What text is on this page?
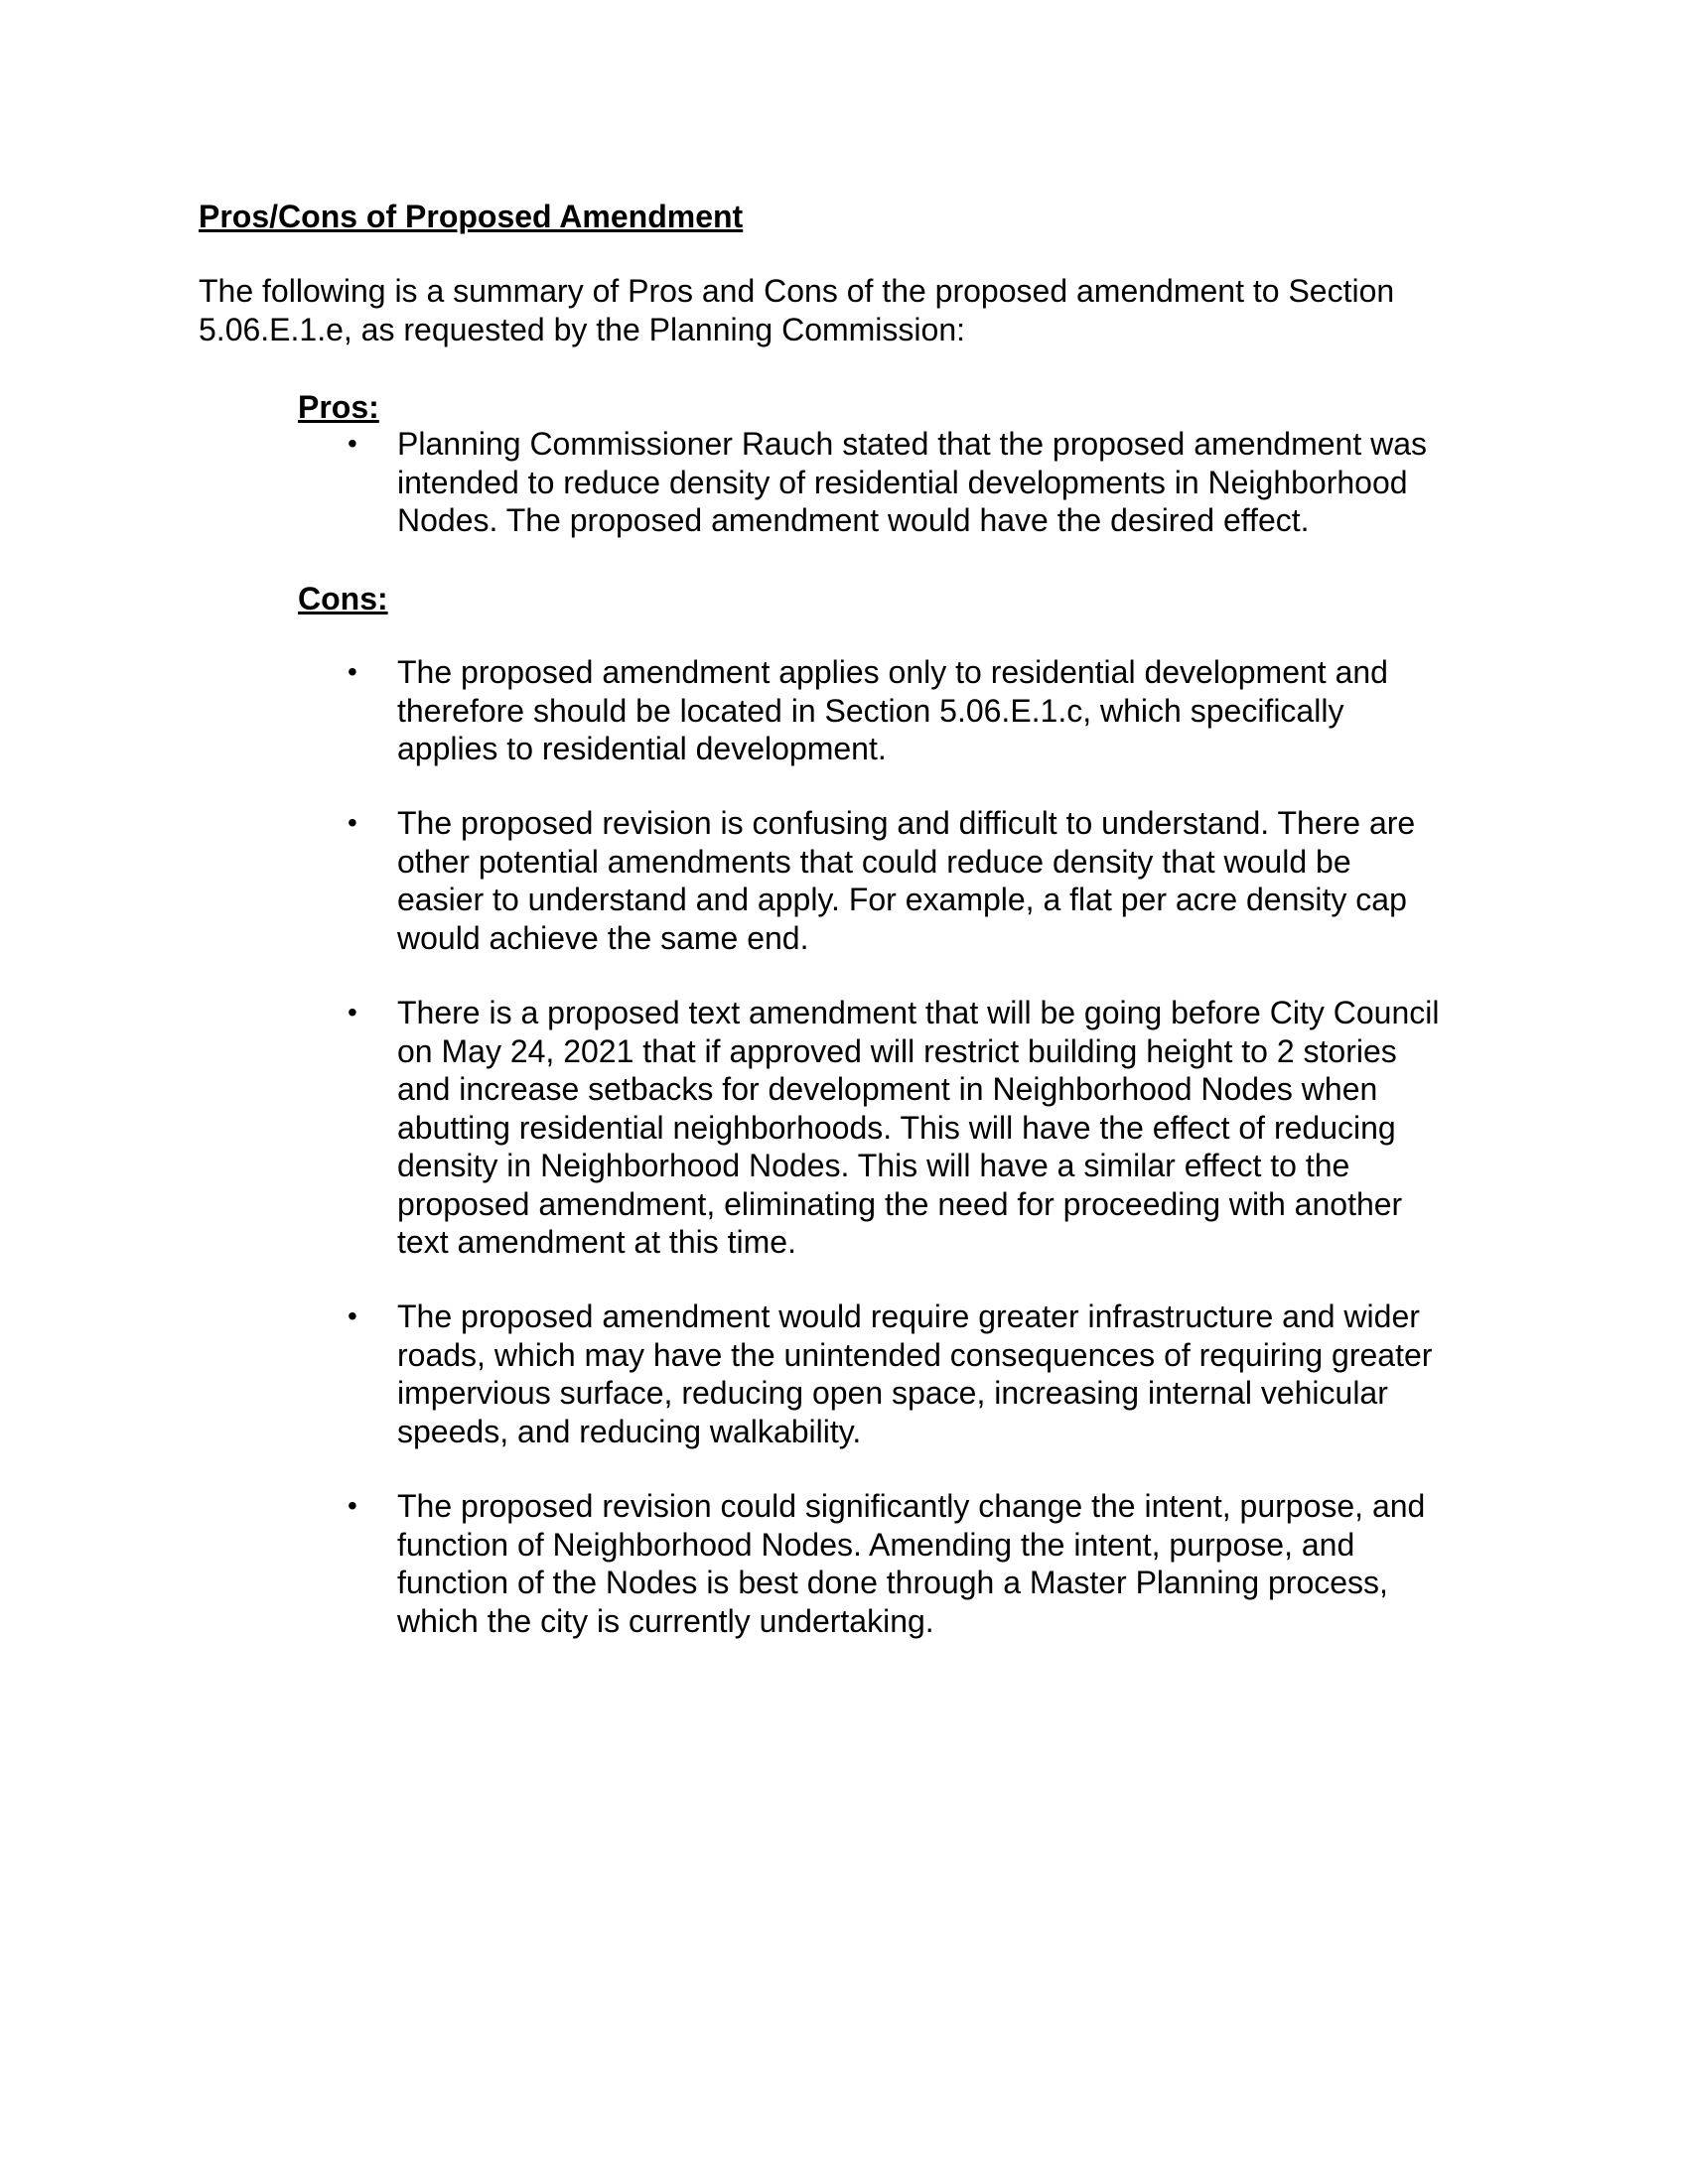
Pros/Cons of Proposed Amendment

The following is a summary of Pros and Cons of the proposed amendment to Section
5.06.E.1.e, as requested by the Planning Commission:

Pros:
•	Planning Commissioner Rauch stated that the proposed amendment was
intended to reduce density of residential developments in Neighborhood
Nodes. The proposed amendment would have the desired effect.
Cons:
•	The proposed amendment applies only to residential development and
therefore should be located in Section 5.06.E.1.c, which specifically
applies to residential development.
•	The proposed revision is confusing and difficult to understand. There are
other potential amendments that could reduce density that would be
easier to understand and apply. For example, a flat per acre density cap
would achieve the same end.
•	There is a proposed text amendment that will be going before City Council
on May 24, 2021 that if approved will restrict building height to 2 stories
and increase setbacks for development in Neighborhood Nodes when
abutting residential neighborhoods. This will have the effect of reducing
density in Neighborhood Nodes. This will have a similar effect to the
proposed amendment, eliminating the need for proceeding with another
text amendment at this time.
•	The proposed amendment would require greater infrastructure and wider
roads, which may have the unintended consequences of requiring greater
impervious surface, reducing open space, increasing internal vehicular
speeds, and reducing walkability.
•	The proposed revision could significantly change the intent, purpose, and
function of Neighborhood Nodes. Amending the intent, purpose, and
function of the Nodes is best done through a Master Planning process,
which the city is currently undertaking.
